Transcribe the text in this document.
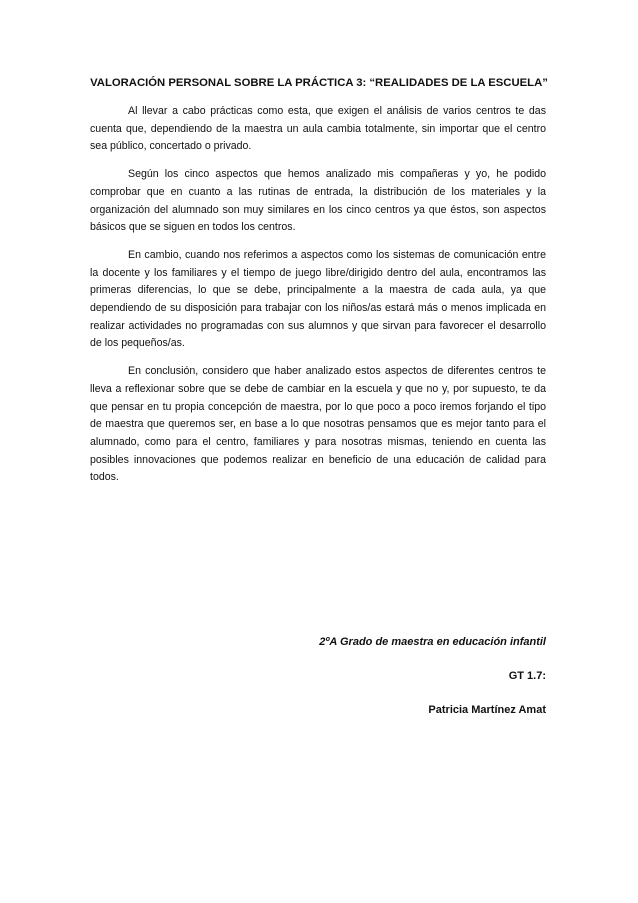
VALORACIÓN PERSONAL SOBRE LA PRÁCTICA 3: “REALIDADES DE LA ESCUELA”

Al llevar a cabo prácticas como esta, que exigen el análisis de varios centros te das cuenta que, dependiendo de la maestra un aula cambia totalmente, sin importar que el centro sea público, concertado o privado.

Según los cinco aspectos que hemos analizado mis compañeras y yo, he podido comprobar que en cuanto a las rutinas de entrada, la distribución de los materiales y la organización del alumnado son muy similares en los cinco centros ya que éstos, son aspectos básicos que se siguen en todos los centros.

En cambio, cuando nos referimos a aspectos como los sistemas de comunicación entre la docente y los familiares y el tiempo de juego libre/dirigido dentro del aula, encontramos las primeras diferencias, lo que se debe, principalmente a la maestra de cada aula, ya que dependiendo de su disposición para trabajar con los niños/as estará más o menos implicada en realizar actividades no programadas con sus alumnos y que sirvan para favorecer el desarrollo de los pequeños/as.

En conclusión, considero que haber analizado estos aspectos de diferentes centros te lleva a reflexionar sobre que se debe de cambiar en la escuela y que no y, por supuesto, te da que pensar en tu propia concepción de maestra, por lo que poco a poco iremos forjando el tipo de maestra que queremos ser, en base a lo que nosotras pensamos que es mejor tanto para el alumnado, como para el centro, familiares y para nosotras mismas, teniendo en cuenta las posibles innovaciones que podemos realizar en beneficio de una educación de calidad para todos.

2ºA Grado de maestra en educación infantil
GT 1.7:
Patricia Martínez Amat
